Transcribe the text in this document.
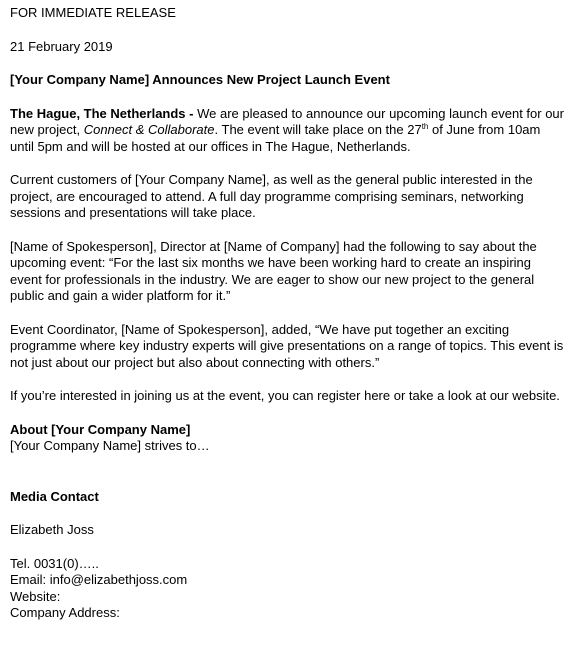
FOR IMMEDIATE RELEASE
21 February 2019
[Your Company Name] Announces New Project Launch Event
The Hague, The Netherlands - We are pleased to announce our upcoming launch event for our new project, Connect & Collaborate. The event will take place on the 27th of June from 10am until 5pm and will be hosted at our offices in The Hague, Netherlands.
Current customers of [Your Company Name], as well as the general public interested in the project, are encouraged to attend. A full day programme comprising seminars, networking sessions and presentations will take place.
[Name of Spokesperson], Director at [Name of Company] had the following to say about the upcoming event: “For the last six months we have been working hard to create an inspiring event for professionals in the industry. We are eager to show our new project to the general public and gain a wider platform for it.”
Event Coordinator, [Name of Spokesperson], added, “We have put together an exciting programme where key industry experts will give presentations on a range of topics. This event is not just about our project but also about connecting with others.”
If you’re interested in joining us at the event, you can register here or take a look at our website.
About [Your Company Name]
[Your Company Name] strives to…
Media Contact
Elizabeth Joss
Tel. 0031(0)…..
Email: info@elizabethjoss.com
Website:
Company Address:
